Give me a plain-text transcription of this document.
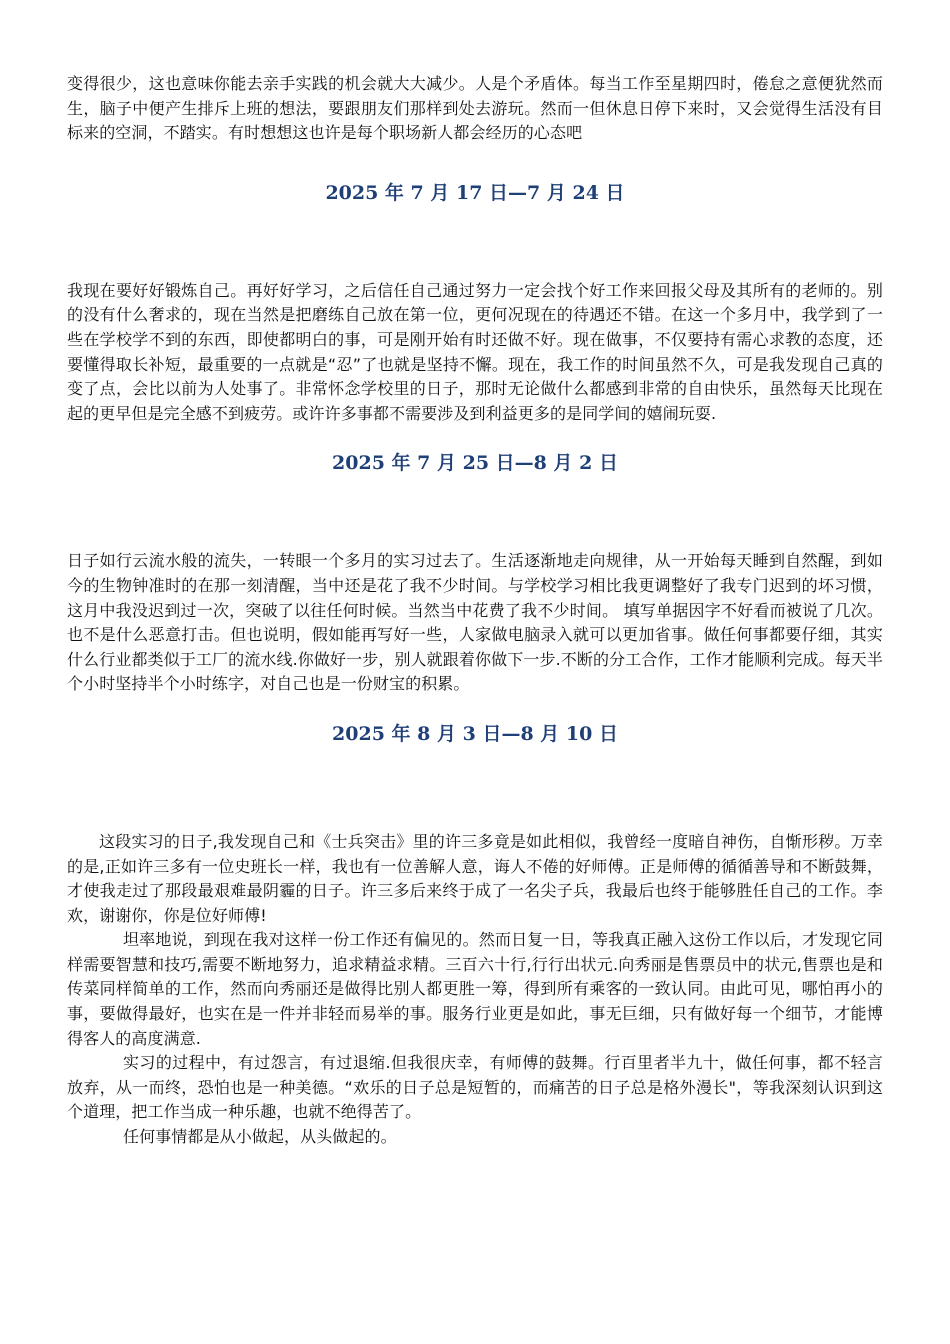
变得很少，这也意味你能去亲手实践的机会就大大减少。人是个矛盾体。每当工作至星期四时，倦怠之意便犹然而生，脑子中便产生排斥上班的想法，要跟朋友们那样到处去游玩。然而一但休息日停下来时，又会觉得生活没有目标来的空洞，不踏实。有时想想这也许是每个职场新人都会经历的心态吧

2025 年 7 月 17 日—7 月 24 日

我现在要好好锻炼自己。再好好学习，之后信任自己通过努力一定会找个好工作来回报父母及其所有的老师的。别的没有什么奢求的，现在当然是把磨练自己放在第一位，更何况现在的待遇还不错。在这一个多月中，我学到了一些在学校学不到的东西，即使都明白的事，可是刚开始有时还做不好。现在做事，不仅要持有需心求教的态度，还要懂得取长补短，最重要的一点就是“忍”了也就是坚持不懈。现在，我工作的时间虽然不久，可是我发现自己真的变了点，会比以前为人处事了。非常怀念学校里的日子，那时无论做什么都感到非常的自由快乐，虽然每天比现在起的更早但是完全感不到疲劳。或许许多事都不需要涉及到利益更多的是同学间的嬉闹玩耍.

2025 年 7 月 25 日—8 月 2 日

日子如行云流水般的流失，一转眼一个多月的实习过去了。生活逐渐地走向规律，从一开始每天睡到自然醒，到如今的生物钟准时的在那一刻清醒，当中还是花了我不少时间。与学校学习相比我更调整好了我专门迟到的坏习惯，这月中我没迟到过一次，突破了以往任何时候。当然当中花费了我不少时间。 填写单据因字不好看而被说了几次。也不是什么恶意打击。但也说明，假如能再写好一些，人家做电脑录入就可以更加省事。做任何事都要仔细，其实什么行业都类似于工厂的流水线.你做好一步，别人就跟着你做下一步.不断的分工合作，工作才能顺利完成。每天半个小时坚持半个小时练字，对自己也是一份财宝的积累。

2025 年 8 月 3 日—8 月 10 日

这段实习的日子,我发现自己和《士兵突击》里的许三多竟是如此相似，我曾经一度暗自神伤，自惭形秽。万幸的是,正如许三多有一位史班长一样，我也有一位善解人意，诲人不倦的好师傅。正是师傅的循循善导和不断鼓舞，才使我走过了那段最艰难最阴霾的日子。许三多后来终于成了一名尖子兵，我最后也终于能够胜任自己的工作。李欢，谢谢你，你是位好师傅!

坦率地说，到现在我对这样一份工作还有偏见的。然而日复一日，等我真正融入这份工作以后，才发现它同样需要智慧和技巧,需要不断地努力，追求精益求精。三百六十行,行行出状元.向秀丽是售票员中的状元,售票也是和传菜同样简单的工作，然而向秀丽还是做得比别人都更胜一筹，得到所有乘客的一致认同。由此可见，哪怕再小的事，要做得最好，也实在是一件并非轻而易举的事。服务行业更是如此，事无巨细，只有做好每一个细节，才能博得客人的高度满意.

实习的过程中，有过怨言，有过退缩.但我很庆幸，有师傅的鼓舞。行百里者半九十，做任何事，都不轻言放弃，从一而终，恐怕也是一种美德。“欢乐的日子总是短暂的，而痛苦的日子总是格外漫长"，等我深刻认识到这个道理，把工作当成一种乐趣，也就不绝得苦了。

任何事情都是从小做起，从头做起的。
